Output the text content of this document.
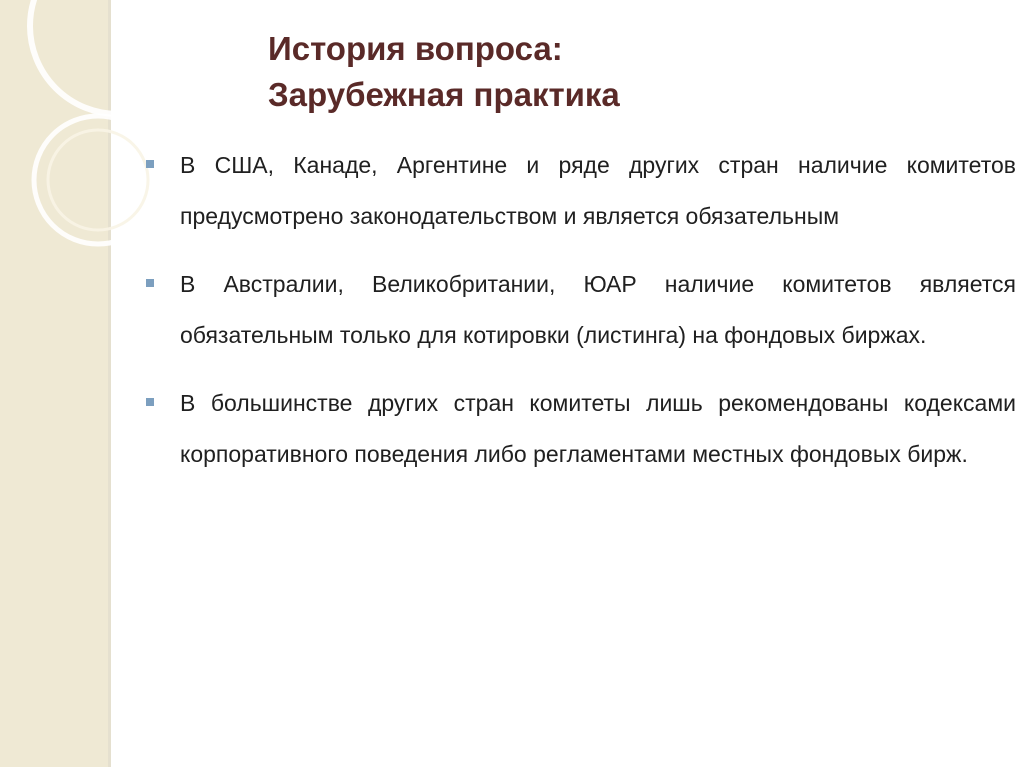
История вопроса:
Зарубежная практика
В США, Канаде, Аргентине и ряде других стран наличие комитетов предусмотрено законодательством и является обязательным
В Австралии, Великобритании, ЮАР наличие комитетов является обязательным только для котировки (листинга) на фондовых биржах.
В большинстве других стран комитеты лишь рекомендованы кодексами корпоративного поведения либо регламентами местных фондовых бирж.
